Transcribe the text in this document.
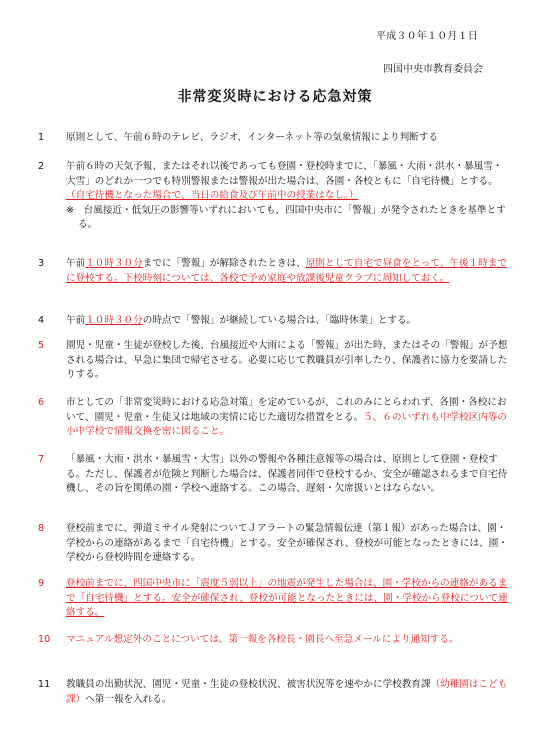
平成３０年１０月１日
四国中央市教育委員会
非常変災時における応急対策
1	原則として、午前６時のテレビ、ラジオ、インターネット等の気象情報により判断する
2	午前６時の天気予報、またはそれ以後であっても登園・登校時までに、「暴風・大雨・洪水・暴風雪・大雪」のどれか一つでも特別警報または警報が出た場合は、各園・各校ともに「自宅待機」とする。（自宅待機となった場合で、当日の給食及び午前中の授業はなし。）
※　台風接近・低気圧の影響等いずれにおいても、四国中央市に「警報」が発令されたときを基準とする。
3	午前１０時３０分までに「警報」が解除されたときは、原則として自宅で昼食をとって、午後１時までに登校する。下校時刻については、各校で予め家庭や放課後児童クラブに周知しておく。
4	午前１０時３０分の時点で「警報」が継続している場合は、「臨時休業」とする。
5	園児・児童・生徒が登校した後、台風接近や大雨による「警報」が出た時、またはその「警報」が予想される場合は、早急に集団で帰宅させる。必要に応じて教職員が引率したり、保護者に協力を要請したりする。
6	市としての「非常変災時における応急対策」を定めているが、これのみにとらわれず、各園・各校において、園児・児童・生徒又は地域の実情に応じた適切な措置をとる。５、６のいずれも中学校区内等の小中学校で情報交換を密に図ること。
7	「暴風・大雨・洪水・暴風雪・大雪」以外の警報や各種注意報等の場合は、原則として登園・登校する。ただし、保護者が危険と判断した場合は、保護者同伴で登校するか、安全が確認されるまで自宅待機し、その旨を関係の園・学校へ連絡する。この場合、遅刻・欠席扱いとはならない。
8	登校前までに、弾道ミサイル発射についてＪアラートの緊急情報伝達（第１報）があった場合は、園・学校からの連絡があるまで「自宅待機」とする。安全が確保され、登校が可能となったときには、園・学校から登校時間を連絡する。
9	登校前までに、四国中央市に「震度５弱以上」の地震が発生した場合は、園・学校からの連絡があるまで「自宅待機」とする。安全が確保され、登校が可能となったときには、園・学校から登校について連絡する。
10	マニュアル想定外のことについては、第一報を各校長・園長へ至急メールにより通知する。
11	教職員の出勤状況、園児・児童・生徒の登校状況、被害状況等を速やかに学校教育課（幼稚園はこども課）へ第一報を入れる。
